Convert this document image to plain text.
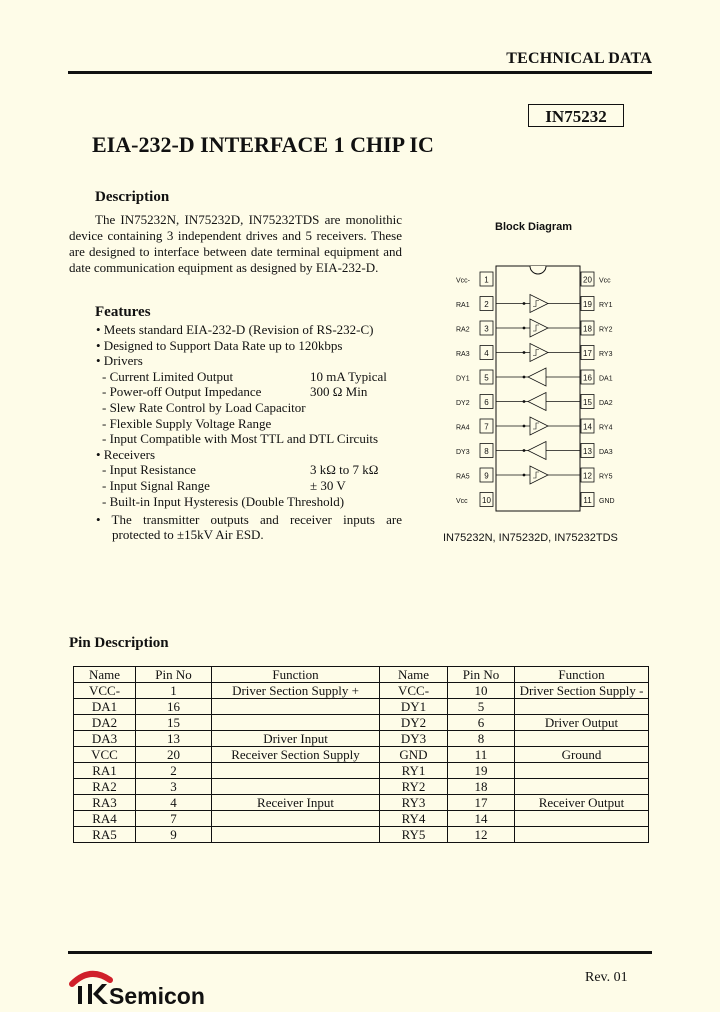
TECHNICAL DATA
IN75232
EIA-232-D INTERFACE 1 CHIP IC
Description
The IN75232N, IN75232D, IN75232TDS are monolithic device containing 3 independent drives and 5 receivers. These are designed to interface between date terminal equipment and date communication equipment as designed by EIA-232-D.
Features
• Meets standard EIA-232-D (Revision of RS-232-C)
• Designed to Support Data Rate up to 120kbps
• Drivers
- Current Limited Output	10 mA Typical
- Power-off Output Impedance	300 Ω Min
- Slew Rate Control by Load Capacitor
- Flexible Supply Voltage Range
- Input Compatible with Most TTL and DTL Circuits
• Receivers
- Input Resistance	3 kΩ to 7 kΩ
- Input Signal Range	± 30 V
- Built-in Input Hysteresis (Double Threshold)
• The transmitter outputs and receiver inputs are
protected to ±15kV Air ESD.
Block Diagram
Vcc- 1	20 Vcc
RA1 2	19 RY1
RA2 3	18 RY2
RA3 4	17 RY3
DY1 5	16 DA1
DY2 6	15 DA2
RA4 7	14 RY4
DY3 8	13 DA3
RA5 9	12 RY5
Vcc 10	11 GND
IN75232N, IN75232D, IN75232TDS
Pin Description
Name	Pin No	Function	Name	Pin No	Function
VCC-	1	Driver Section Supply +	VCC-	10	Driver Section Supply -
DA1	16		DY1	5	
DA2	15		DY2	6	Driver Output
DA3	13	Driver Input	DY3	8	
VCC	20	Receiver Section Supply	GND	11	Ground
RA1	2		RY1	19	
RA2	3		RY2	18	
RA3	4	Receiver Input	RY3	17	Receiver Output
RA4	7		RY4	14	
RA5	9		RY5	12	
Semicon
Rev. 01
